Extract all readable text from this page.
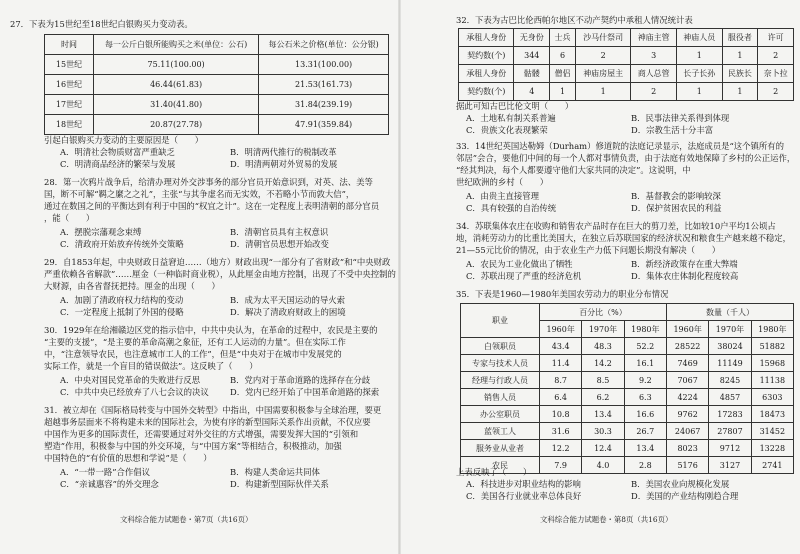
27．下表为15世纪至18世纪白银购买力变动表。
时间	每一公斤白银所能购买之米(单位：公石)	每公石米之价格(单位：公分银)
15世纪	75.11(100.00)	13.31(100.00)
16世纪	46.44(61.83)	21.53(161.73)
17世纪	31.40(41.80)	31.84(239.19)
18世纪	20.87(27.78)	47.91(359.84)
引起白银购买力变动的主要原因是（　　）
A．明清社会物质财富严重缺乏	B．明清两代推行的税制改革
C．明清商品经济的繁荣与发展	D．明清两朝对外贸易的发展
28．第一次鸦片战争后，给清办理对外交涉事务的部分官员开始意识到，对英、法、美等
国，断不可解“羁之縻之之礼”，主张“与其争虚名而无实效，不若略小节而敦大信”，
通过在数国之间的平衡达到有利于中国的“权宜之计”。这在一定程度上表明清朝的部分官员
，能（　　）
A．摆脱宗藩观念束缚	B．清朝官员具有主权意识
C．清政府开始放弃传统外交策略	D．清朝官员思想开始改变
29．自1853年起，中央财政日益窘迫……（地方）财政出现“一部分有了省财政”和“中央财政
严重依赖各省解款”……厘金（一种临时商业税），从此厘金由地方控制，出现了不受中央控制的
大财源，由各省督抚把持。厘金的出现（　　）
A．加剧了清政府权力结构的变动	B．成为太平天国运动的导火索
C．一定程度上抵制了外国的侵略	D．解决了清政府财政上的困境
30．1929年在给湘赣边区党的指示信中，中共中央认为，在革命的过程中，农民是主要的
“主要的支援”，“是主要的革命高潮之象征，还有工人运动的力量”。但在实际工作
中，“注意领导农民，也注意城市工人的工作”，但是“中央对于在城市中发展党的
实际工作，就是一个盲目的错误做法”。这反映了（　　）
A．中央对国民党革命的失败进行反思	B．党内对于革命道路的选择存在分歧
C．中共中央已经放弃了八七会议的决议	D．党内已经开始了中国革命道路的探索
31．被立却在《国际格局转变与中国外交转型》中指出，中国需要积极参与全球治理，要更
超越事务层面来不将构建未来的国际社会，为使有序的新型国际关系作出贡献，不仅应要
中国作为更多的国际责任，还需要通过对外交往的方式增强，需要发挥大国的“引领和
塑造”作用，积极参与中国的外交环境，与“中国方案”等相结合，积极推动，加强
中国特色的“有价值的思想和学说”是（　　）
A．“一带一路”合作倡议	B．构建人类命运共同体
C．“亲诚惠容”的外交理念	D．构建新型国际伙伴关系
文科综合能力试题卷・第7页（共16页）
32．下表为古巴比伦西帕尔地区不动产契约中承租人情况统计表
承租人身份	无身份	士兵	沙马什祭司	神庙主管	神庙人员	服役者	许可
契约数(个)	344	6	2	3	1	1	2
承租人身份	骷髅	僧侣	神庙房屋主	商人总管	长子长孙	民族长	奈卜拉
契约数(个)	4	1	1	2	1	1	2
据此可知古巴比伦文明（　　）
A．土地私有制关系普遍	B．民事法律关系得到体现
C．贵族文化表现繁荣	D．宗教生活十分丰富
33．14世纪英国达勒姆（Durham）修道院的法庭记录显示，法庭成员是“这个镇所有的
邻居”会合，要他们中间的每一个人都对事情负责，由于法庭有效地保障了乡村的公正运作，
“经其判决，每个人都要遵守他们大家共同的决定”。这说明，中
世纪欧洲的乡村（　　）
A．由贵主直接管理	B．基督教会的影响较深
C．具有较强的自治传统	D．保护贫困农民的利益
34．苏联集体农庄在收购和销售农产品时存在巨大的剪刀差，比如较10户平均1公顷占
地，消耗劳动力的比重比美国大，在独立后苏联国家的经济状况和粮食生产越来越不稳定，
21—55元比价的情况，由于农业生产力低下问题长期没有解决（　　）
A．农民为工业化做出了牺牲	B．新经济政策存在重大弊端
C．苏联出现了严重的经济危机	D．集体农庄体制化程度较高
35．下表是1960—1980年美国农劳动力的职业分布情况
职业	百分比（%）			数量（千人）		
	1960年	1970年	1980年	1960年	1970年	1980年
白领职员	43.4	48.3	52.2	28522	38024	51882
专家与技术人员	11.4	14.2	16.1	7469	11149	15968
经理与行政人员	8.7	8.5	9.2	7067	8245	11138
销售人员	6.4	6.2	6.3	4224	4857	6303
办公室职员	10.8	13.4	16.6	9762	17283	18473
蓝领工人	31.6	30.3	26.7	24067	27807	31452
服务业从业者	12.2	12.4	13.4	8023	9712	13228
农民	7.9	4.0	2.8	5176	3127	2741
上表反映了（　　）
A．科技进步对职业结构的影响	B．美国农业向规模化发展
C．美国各行业就业率总体良好	D．美国的产业结构刚趋合理
文科综合能力试题卷・第8页（共16页）
